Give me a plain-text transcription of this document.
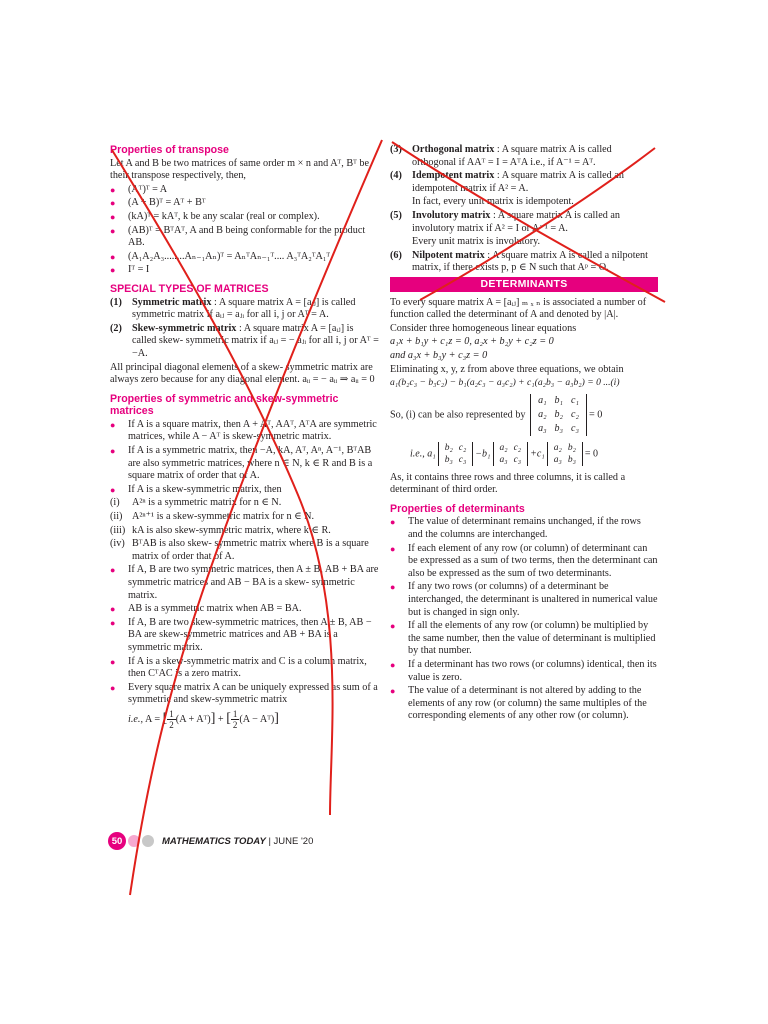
Properties of transpose
Let A and B be two matrices of same order m × n and Aᵀ, Bᵀ be their transpose respectively, then,
●	(Aᵀ)ᵀ = A
●	(A + B)ᵀ = Aᵀ + Bᵀ
●	(kA)ᵀ = kAᵀ, k be any scalar (real or complex).
●	(AB)ᵀ = BᵀAᵀ, A and B being conformable for the product AB.
●	(A₁A₂A₃........Aₙ₋₁Aₙ)ᵀ = AₙᵀAₙ₋₁ᵀ.... A₃ᵀA₂ᵀA₁ᵀ
●	Iᵀ = I
SPECIAL TYPES OF MATRICES
(1) Symmetric matrix : A square matrix A = [aᵢⱼ] is called symmetric matrix if aᵢⱼ = aⱼᵢ for all i, j or Aᵀ = A.
(2) Skew-symmetric matrix : A square matrix A = [aᵢⱼ] is called skew- symmetric matrix if aᵢⱼ = − aⱼᵢ for all i, j or Aᵀ = −A.
All principal diagonal elements of a skew- symmetric matrix are always zero because for any diagonal element. aᵢᵢ = − aᵢᵢ ⇒ aᵢᵢ = 0
Properties of symmetric and skew-symmetric matrices
●	If A is a square matrix, then A + Aᵀ, AAᵀ, AᵀA are symmetric matrices, while A − Aᵀ is skew-symmetric matrix.
●	If A is a symmetric matrix, then −A, kA, Aᵀ, Aⁿ, A⁻¹, BᵀAB are also symmetric matrices, where n ∈ N, k ∈ R and B is a square matrix of order that of A.
●	If A is a skew-symmetric matrix, then
(i)	A²ⁿ is a symmetric matrix for n ∈ N.
(ii) A²ⁿ⁺¹ is a skew-symmetric matrix for n ∈ N.
(iii) kA is also skew-symmetric matrix, where k ∈ R.
(iv) BᵀAB is also skew- symmetric matrix where B is a square matrix of order that of A.
●	If A, B are two symmetric matrices, then A ± B, AB + BA are symmetric matrices and AB − BA is a skew- symmetric matrix.
●	AB is a symmetric matrix when AB = BA.
●	If A, B are two skew-symmetric matrices, then A ± B, AB − BA are skew-symmetric matrices and AB + BA is a symmetric matrix.
●	If A is a skew-symmetric matrix and C is a column matrix, then CᵀAC is a zero matrix.
●	Every square matrix A can be uniquely expressed as sum of a symmetric and skew-symmetric matrix
i.e., A = [ $\frac{1}{2} (A$ + Aᵀ)] + [ $\frac{1}{2} (A$ − Aᵀ)]
(3) Orthogonal matrix : A square matrix A is called orthogonal if AAᵀ = I = AᵀA i.e., if A⁻¹ = Aᵀ.
(4) Idempotent matrix : A square matrix A is called an idempotent matrix if A² = A.
In fact, every unit matrix is idempotent.
(5) Involutory matrix : A square matrix A is called an involutory matrix if A² = I or A⁻¹ = A.
Every unit matrix is involutory.
(6) Nilpotent matrix : A square matrix A is called a nilpotent matrix, if there exists p, p ∈ N such that Aᵖ = O.
DETERMINANTS
To every square matrix A = [aᵢⱼ] ₘ ₓ ₙ is associated a number of function called the determinant of A and denoted by |A|.
Consider three homogeneous linear equations
a₁x + b₁y + c₁z = 0, a₂x + b₂y + c₂z = 0
and a₃x + b₃y + c₃z = 0
Eliminating x, y, z from above three equations, we obtain
a₁(b₂c₃ − b₃c₂) − b₁(a₂c₃ − a₃c₂) + c₁(a₂b₃ − a₃b₂) = 0 ...(i)
So, (i) can be also represented by
a₁	b₁	c₁
a₂	b₂	c₂
a₃	b₃	c₃
= 0
i.e., a₁
b₂	c₂
b₃	c₃
−b₁
a₂	c₂
a₃	c₃
+c₁
a₂	b₂
a₃	b₃
= 0
As, it contains three rows and three columns, it is called a determinant of third order.
Properties of determinants
●	The value of determinant remains unchanged, if the rows and the columns are interchanged.
●	If each element of any row (or column) of determinant can be expressed as a sum of two terms, then the determinant can also be expressed as the sum of two determinants.
●	If any two rows (or columns) of a determinant be interchanged, the determinant is unaltered in numerical value but is changed in sign only.
●	If all the elements of any row (or column) be multiplied by the same number, then the value of determinant is multiplied by that number.
●	If a determinant has two rows (or columns) identical, then its value is zero.
●	The value of a determinant is not altered by adding to the elements of any row (or column) the same multiples of the corresponding elements of any other row (or column).
50	MATHEMATICS TODAY | JUNE '20
